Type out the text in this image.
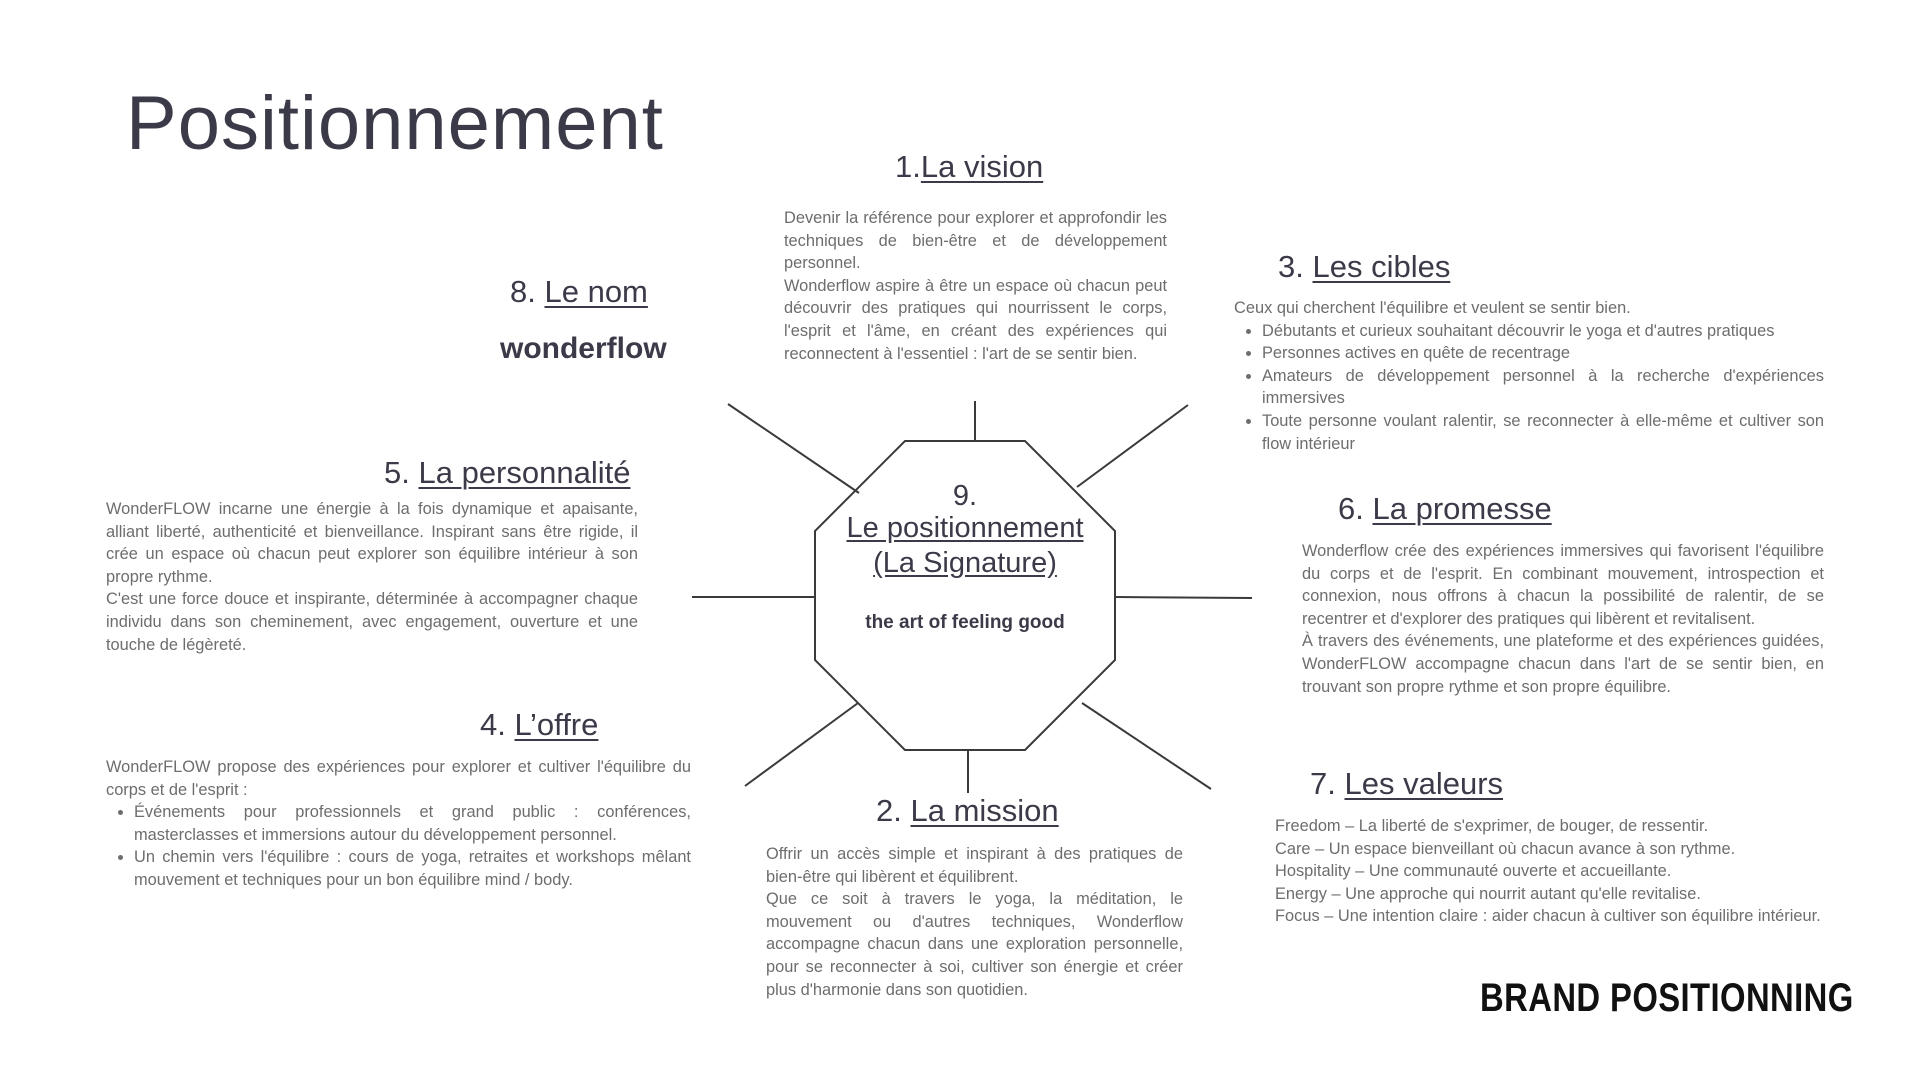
Positionnement
9.
Le positionnement
(La Signature)
the art of feeling good
1.La vision

Devenir la référence pour explorer et approfondir les techniques de bien-être et de développement personnel.

Wonderflow aspire à être un espace où chacun peut découvrir des pratiques qui nourrissent le corps, l'esprit et l'âme, en créant des expériences qui reconnectent à l'essentiel : l'art de se sentir bien.

8. Le nom
wonderflow
3. Les cibles

Ceux qui cherchent l'équilibre et veulent se sentir bien.

• Débutants et curieux souhaitant découvrir le yoga et d'autres pratiques
• Personnes actives en quête de recentrage
• Amateurs de développement personnel à la recherche d'expériences immersives
• Toute personne voulant ralentir, se reconnecter à elle-même et cultiver son flow intérieur
5. La personnalité

WonderFLOW incarne une énergie à la fois dynamique et apaisante, alliant liberté, authenticité et bienveillance. Inspirant sans être rigide, il crée un espace où chacun peut explorer son équilibre intérieur à son propre rythme.

C'est une force douce et inspirante, déterminée à accompagner chaque individu dans son cheminement, avec engagement, ouverture et une touche de légèreté.

6. La promesse

Wonderflow crée des expériences immersives qui favorisent l'équilibre du corps et de l'esprit. En combinant mouvement, introspection et connexion, nous offrons à chacun la possibilité de ralentir, de se recentrer et d'explorer des pratiques qui libèrent et revitalisent.

À travers des événements, une plateforme et des expériences guidées, WonderFLOW accompagne chacun dans l'art de se sentir bien, en trouvant son propre rythme et son propre équilibre.

4. L’offre

WonderFLOW propose des expériences pour explorer et cultiver l'équilibre du corps et de l'esprit :

• Événements pour professionnels et grand public : conférences, masterclasses et immersions autour du développement personnel.
• Un chemin vers l'équilibre : cours de yoga, retraites et workshops mêlant mouvement et techniques pour un bon équilibre mind / body.
7. Les valeurs

Freedom – La liberté de s'exprimer, de bouger, de ressentir.

Care – Un espace bienveillant où chacun avance à son rythme.

Hospitality – Une communauté ouverte et accueillante.

Energy – Une approche qui nourrit autant qu'elle revitalise.

Focus – Une intention claire : aider chacun à cultiver son équilibre intérieur.

2. La mission

Offrir un accès simple et inspirant à des pratiques de bien-être qui libèrent et équilibrent.

Que ce soit à travers le yoga, la méditation, le mouvement ou d'autres techniques, Wonderflow accompagne chacun dans une exploration personnelle, pour se reconnecter à soi, cultiver son énergie et créer plus d'harmonie dans son quotidien.	BRAND POSITIONNING
